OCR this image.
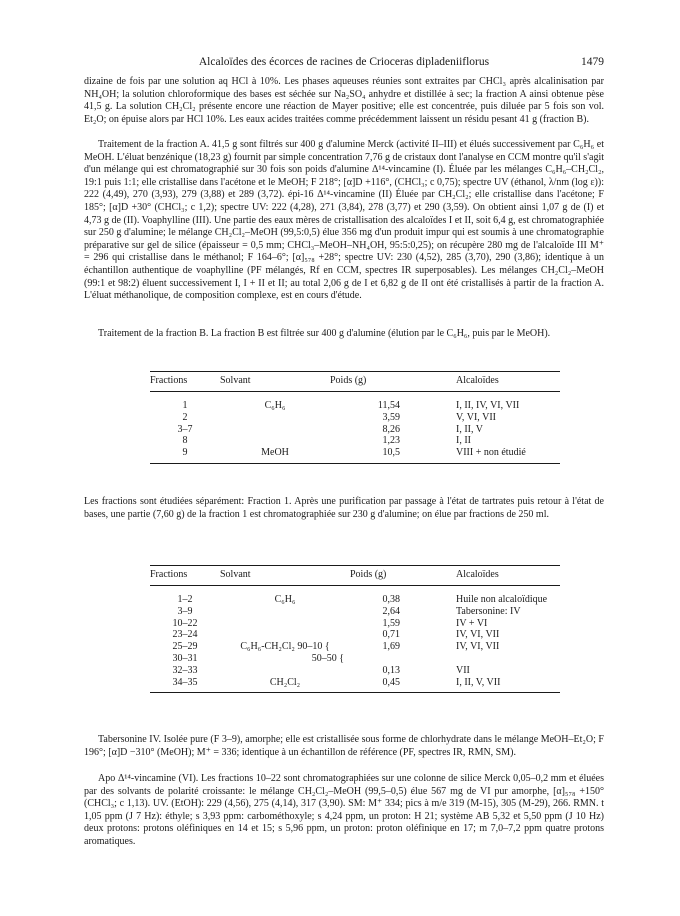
Alcaloïdes des écorces de racines de Crioceras dipladeniiflorus	1479

dizaine de fois par une solution aq HCl à 10%. Les phases aqueuses réunies sont extraites par CHCl₃ après alcalinisation par NH₄OH; la solution chloroformique des bases est séchée sur Na₂SO₄ anhydre et distillée à sec; la fraction A ainsi obtenue pèse 41,5 g. La solution CH₂Cl₂ présente encore une réaction de Mayer positive; elle est concentrée, puis diluée par 5 fois son vol. Et₂O; on épuise alors par HCl 10%. Les eaux acides traitées comme précédemment laissent un résidu pesant 41 g (fraction B).

Traitement de la fraction A. 41,5 g sont filtrés sur 400 g d'alumine Merck (activité II–III) et élués successivement par C₆H₆ et MeOH. L'éluat benzénique (18,23 g) fournit par simple concentration 7,76 g de cristaux dont l'analyse en CCM montre qu'il s'agit d'un mélange qui est chromatographié sur 30 fois son poids d'alumine Δ¹⁴-vincamine (I). Éluée par les mélanges C₆H₆–CH₂Cl₂, 19:1 puis 1:1; elle cristallise dans l'acétone et le MeOH; F 218°; [α]D +116°, (CHCl₃; c 0,75); spectre UV (éthanol, λ/nm (log ε)): 222 (4,49), 270 (3,93), 279 (3,88) et 289 (3,72). épi-16 Δ¹⁴-vincamine (II) Éluée par CH₂Cl₂; elle cristallise dans l'acétone; F 185°; [α]D +30° (CHCl₃; c 1,2); spectre UV: 222 (4,28), 271 (3,84), 278 (3,77) et 290 (3,59). On obtient ainsi 1,07 g de (I) et 4,73 g de (II). Voaphylline (III). Une partie des eaux mères de cristallisation des alcaloïdes I et II, soit 6,4 g, est chromatographiée sur 250 g d'alumine; le mélange CH₂Cl₂–MeOH (99,5:0,5) élue 356 mg d'un produit impur qui est soumis à une chromatographie préparative sur gel de silice (épaisseur = 0,5 mm; CHCl₃–MeOH–NH₄OH, 95:5:0,25); on récupère 280 mg de l'alcaloïde III M⁺ = 296 qui cristallise dans le méthanol; F 164–6°; [α]₅₇₈ +28°; spectre UV: 230 (4,52), 285 (3,70), 290 (3,86); identique à un échantillon authentique de voaphylline (PF mélangés, Rf en CCM, spectres IR superposables). Les mélanges CH₂Cl₂–MeOH (99:1 et 98:2) éluent successivement I, I + II et II; au total 2,06 g de I et 6,82 g de II ont été cristallisés à partir de la fraction A. L'éluat méthanolique, de composition complexe, est en cours d'étude.

Traitement de la fraction B. La fraction B est filtrée sur 400 g d'alumine (élution par le C₆H₆, puis par le MeOH).

Fractions	Solvant	Poids (g)	Alcaloïdes

1	C₆H₆	11,54	I, II, IV, VI, VII
2		3,59	V, VI, VII
3–7		8,26	I, II, V
8		1,23	I, II
9	MeOH	10,5	VIII + non étudié

Les fractions sont étudiées séparément: Fraction 1. Après une purification par passage à l'état de tartrates puis retour à l'état de bases, une partie (7,60 g) de la fraction 1 est chromatographiée sur 230 g d'alumine; on élue par fractions de 250 ml.

Fractions	Solvant	Poids (g)	Alcaloïdes

1–2	C₆H₆	0,38	Huile non alcaloïdique
3–9		2,64	Tabersonine: IV
10–22		1,59	IV + VI
23–24		0,71	IV, VI, VII
25–29	C₆H₆-CH₂Cl₂ 90–10 {	1,69	IV, VI, VII
30–31	50–50 {		
32–33		0,13	VII
34–35	CH₂Cl₂	0,45	I, II, V, VII

Tabersonine IV. Isolée pure (F 3–9), amorphe; elle est cristallisée sous forme de chlorhydrate dans le mélange MeOH–Et₂O; F 196°; [α]D −310° (MeOH); M⁺ = 336; identique à un échantillon de référence (PF, spectres IR, RMN, SM).

Apo Δ¹⁴-vincamine (VI). Les fractions 10–22 sont chromatographiées sur une colonne de silice Merck 0,05–0,2 mm et éluées par des solvants de polarité croissante: le mélange CH₂Cl₂–MeOH (99,5–0,5) élue 567 mg de VI pur amorphe, [α]₅₇₈ +150° (CHCl₃; c 1,13). UV. (EtOH): 229 (4,56), 275 (4,14), 317 (3,90). SM: M⁺ 334; pics à m/e 319 (M-15), 305 (M-29), 266. RMN. t 1,05 ppm (J 7 Hz): éthyle; s 3,93 ppm: carbométhoxyle; s 4,24 ppm, un proton: H 21; système AB 5,32 et 5,50 ppm (J 10 Hz) deux protons: protons oléfiniques en 14 et 15; s 5,96 ppm, un proton: proton oléfinique en 17; m 7,0–7,2 ppm quatre protons aromatiques.
